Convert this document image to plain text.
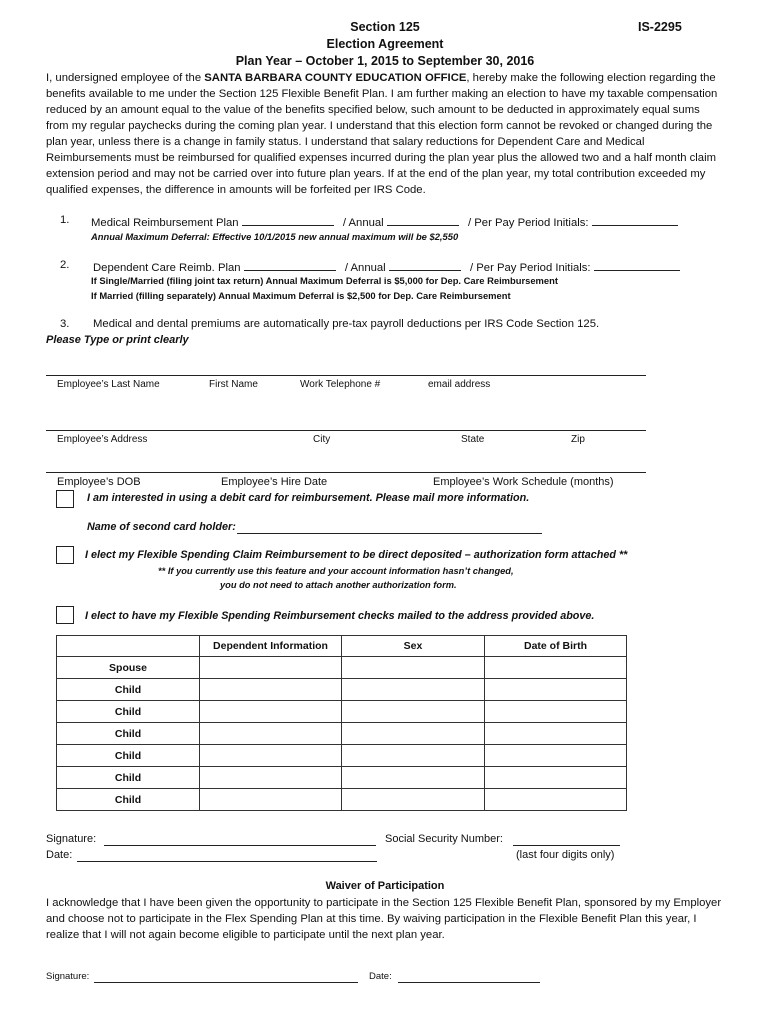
Section 125
Election Agreement
Plan Year – October 1, 2015 to September 30, 2016
IS-2295
I, undersigned employee of the SANTA BARBARA COUNTY EDUCATION OFFICE, hereby make the following election regarding the benefits available to me under the Section 125 Flexible Benefit Plan. I am further making an election to have my taxable compensation reduced by an amount equal to the value of the benefits specified below, such amount to be deducted in approximately equal sums from my regular paychecks during the coming plan year. I understand that this election form cannot be revoked or changed during the plan year, unless there is a change in family status. I understand that salary reductions for Dependent Care and Medical Reimbursements must be reimbursed for qualified expenses incurred during the plan year plus the allowed two and a half month claim extension period and may not be carried over into future plan years. If at the end of the plan year, my total contribution exceeded my qualified expenses, the difference in amounts will be forfeited per IRS Code.
1. Medical Reimbursement Plan	/ Annual	/ Per Pay Period Initials:
Annual Maximum Deferral: Effective 10/1/2015 new annual maximum will be $2,550
2. Dependent Care Reimb. Plan	/ Annual	/ Per Pay Period Initials:
If Single/Married (filing joint tax return) Annual Maximum Deferral is $5,000 for Dep. Care Reimbursement
If Married (filling separately) Annual Maximum Deferral is $2,500 for Dep. Care Reimbursement
3. Medical and dental premiums are automatically pre-tax payroll deductions per IRS Code Section 125.
Please Type or print clearly
Employee’s Last Name	First Name	Work Telephone #	email address
Employee’s Address	City	State	Zip
Employee’s DOB	Employee’s Hire Date	Employee’s Work Schedule (months)
I am interested in using a debit card for reimbursement. Please mail more information.
Name of second card holder:
I elect my Flexible Spending Claim Reimbursement to be direct deposited – authorization form attached **
** If you currently use this feature and your account information hasn’t changed,
you do not need to attach another authorization form.
I elect to have my Flexible Spending Reimbursement checks mailed to the address provided above.
	Dependent Information	Sex	Date of Birth
Spouse			
Child			
Child			
Child			
Child			
Child			
Child			
Signature:
Date:
Social Security Number:
(last four digits only)
Waiver of Participation
I acknowledge that I have been given the opportunity to participate in the Section 125 Flexible Benefit Plan, sponsored by my Employer and choose not to participate in the Flex Spending Plan at this time. By waiving participation in the Flexible Benefit Plan this year, I realize that I will not again become eligible to participate until the next plan year.
Signature:	Date:
